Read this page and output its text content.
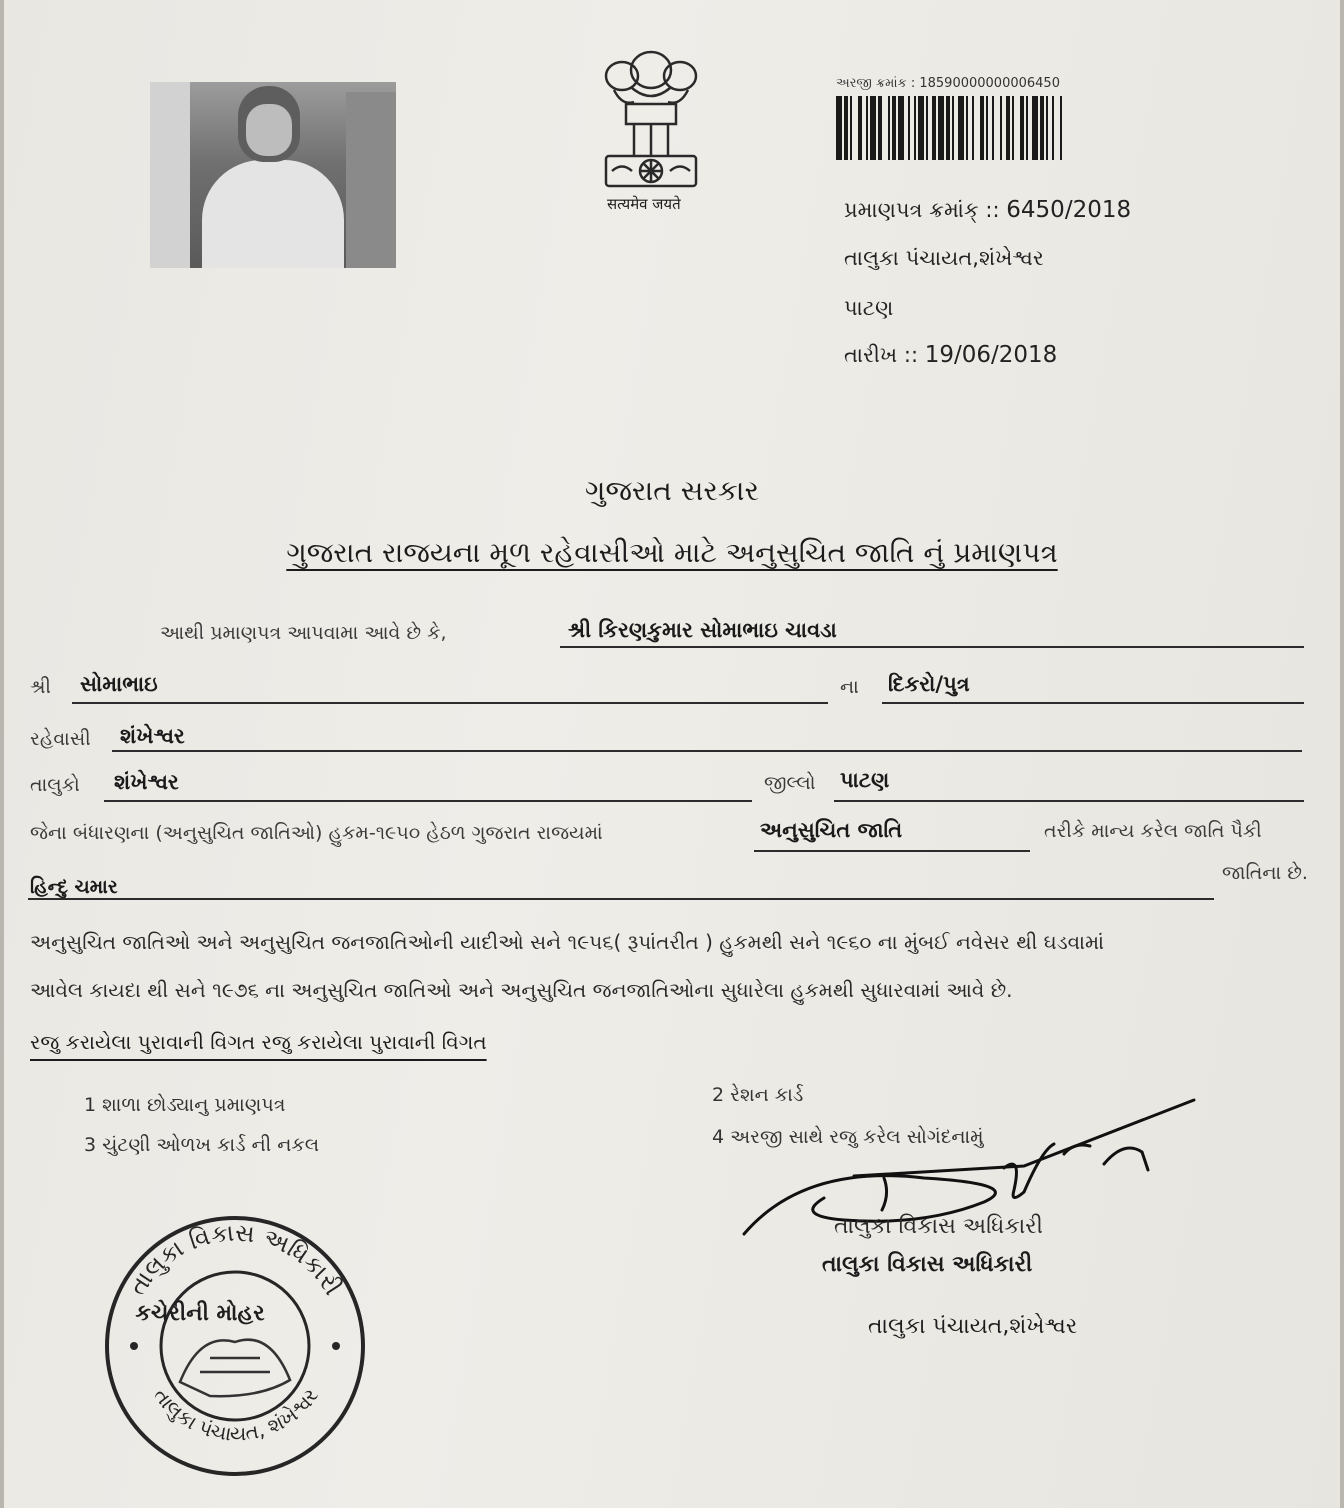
सत्यमेव जयते
અરજી ક્રમાંક : 18590000000006450
પ્રમાણપત્ર ક્રમાંક્ :: 6450/2018
તાલુકા પંચાયત,શંખેશ્વર
પાટણ
તારીખ :: 19/06/2018
ગુજરાત સરકાર
ગુજરાત રાજયના મૂળ રહેવાસીઓ માટે અનુસુચિત જાતિ નું પ્રમાણપત્ર
આથી પ્રમાણપત્ર આપવામા આવે છે કે,	શ્રી કિરણકુમાર સોમાભાઇ ચાવડા
શ્રી સોમાભાઇ	ના દિકરો/પુત્ર
રહેવાસી શંખેશ્વર
તાલુકો શંખેશ્વર	જીલ્લો પાટણ
જેના બંધારણના (અનુસુચિત જાતિઓ) હુકમ-૧૯૫૦ હેઠળ ગુજરાત રાજયમાં	અનુસુચિત જાતિ	તરીકે માન્ય કરેલ જાતિ પૈકી
હિન્દુ ચમાર
જાતિના છે.
અનુસુચિત જાતિઓ અને અનુસુચિત જનજાતિઓની યાદીઓ સને ૧૯૫૬( રૂપાંતરીત ) હુકમથી સને ૧૯૬૦ ના મુંબઈ નવેસર થી ઘડવામાં
આવેલ કાયદા થી સને ૧૯૭૬ ના અનુસુચિત જાતિઓ અને અનુસુચિત જનજાતિઓના સુધારેલા હુકમથી સુધારવામાં આવે છે.
રજુ કરાયેલા પુરાવાની વિગત રજુ કરાયેલા પુરાવાની વિગત
1 શાળા છોડ્યાનુ પ્રમાણપત્ર	2 રેશન કાર્ડ
3 ચુંટણી ઓળખ કાર્ડ ની નકલ	4 અરજી સાથે રજુ કરેલ સોગંદનામું
તાલુકા વિકાસ અધિકારી
તાલુકા વિકાસ અધિકારી
તાલુકા પંચાયત,શંખેશ્વર
તાલુકા વિકાસ અધિકારી
તાલુકા પંચાયત, શંખેશ્વર
કચેરીની મોહર
